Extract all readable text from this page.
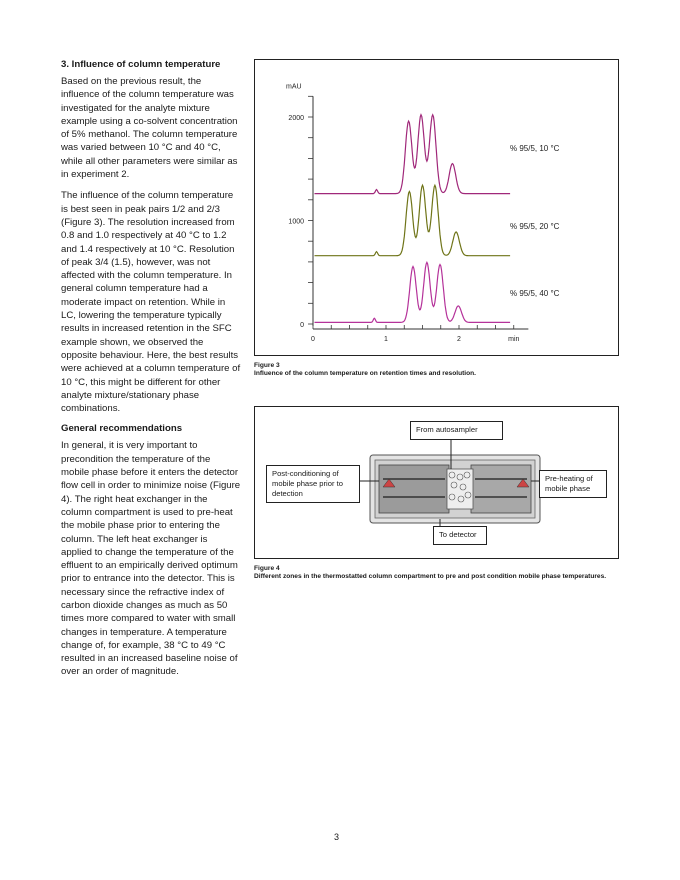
3. Influence of column temperature

Based on the previous result, the influence of the column temperature was investigated for the analyte mixture example using a co-solvent concentration of 5% methanol. The column temperature was varied between 10 °C and 40 °C, while all other parameters were similar as in experiment 2.

The influence of the column temperature is best seen in peak pairs 1/2 and 2/3 (Figure 3). The resolution increased from 0.8 and 1.0 respectively at 40 °C to 1.2 and 1.4 respectively at 10 °C. Resolution of peak 3/4 (1.5), however, was not affected with the column temperature. In general column temperature had a moderate impact on retention. While in LC, lowering the temperature typically results in increased retention in the SFC example shown, we observed the opposite behaviour. Here, the best results were achieved at a column temperature of 10 °C, this might be different for other analyte mixture/stationary phase combinations.

General recommendations

In general, it is very important to precondition the temperature of the mobile phase before it enters the detector flow cell in order to minimize noise (Figure 4). The right heat exchanger in the column compartment is used to pre-heat the mobile phase prior to entering the column. The left heat exchanger is applied to change the temperature of the effluent to an empirically derived optimum prior to entrance into the detector. This is necessary since the refractive index of carbon dioxide changes as much as 50 times more compared to water with small changes in temperature. A temperature change of, for example, 38 °C to 49 °C resulted in an increased baseline noise of over an order of magnitude.

0
1000
2000
mAU
0	1	2	min
% 95/5, 10 °C
% 95/5, 20 °C
% 95/5, 40 °C
Figure 3
Influence of the column temperature on retention times and resolution.
From autosampler
Post-conditioning of mobile phase prior to detection
Pre-heating of mobile phase
To detector
Figure 4
Different zones in the thermostatted column compartment to pre and post condition mobile phase temperatures.
3
